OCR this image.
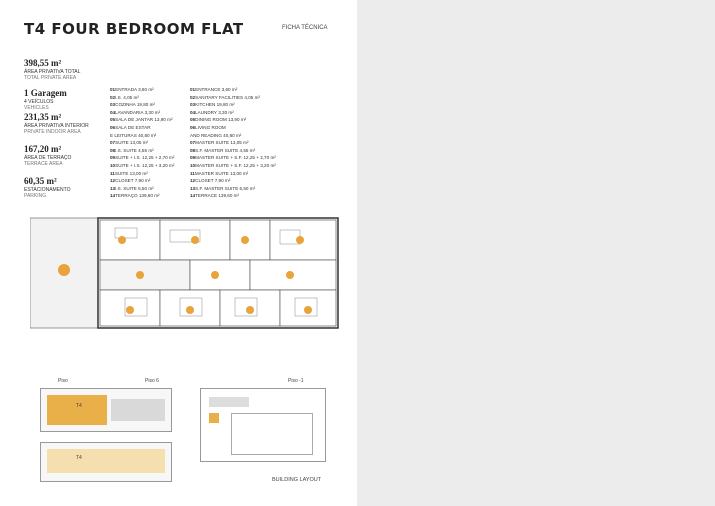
T4 FOUR BEDROOM FLAT	FICHA TÉCNICA
398,55 m²
ÁREA PRIVATIVA TOTAL
TOTAL PRIVATE AREA
1 Garagem
4 VEÍCULOS
VEHICLES
231,35 m²
ÁREA PRIVATIVA INTERIOR
PRIVATE INDOOR AREA
167,20 m²
ÁREA DE TERRAÇO
TERRACE AREA
60,35 m²
ESTACIONAMENTO
PARKING
01ENTRADA 3,60 m²
02I.S. 4,05 m²
03COZINHA 19,80 m²
04LAVANDARIA 3,30 m²
05SALA DE JANTAR 13,90 m²
06SALA DE ESTAR
E LEITURAS 40,80 m²
07SUITE 13,05 m²
08I.S. SUITE 4,55 m²
09SUITE + I.S. 12,25 + 2,70 m²
10SUITE + I.S. 12,25 + 3,20 m²
11SUITE 13,00 m²
12CLOSET 7,90 m²
13I.S. SUITE 6,50 m²
14TERRAÇO 139,60 m²
01ENTRANCE 3,60 m²
02SANITARY FACILITIES 4,05 m²
03KITCHEN 19,80 m²
04LAUNDRY 3,30 m²
05DINING ROOM 13,90 m²
06LIVING ROOM
AND READING 40,80 m²
07MASTER SUITE 13,05 m²
08S.F. MASTER SUITE 4,55 m²
09MASTER SUITE + S.F. 12,25 + 2,70 m²
10MASTER SUITE + S.F. 12,25 + 3,20 m²
11MASTER SUITE 13,00 m²
12CLOSET 7,90 m²
13S.F. MASTER SUITE 6,50 m²
14TERRACE 139,60 m²
Piso	Piso 6	Piso -1
T4
T4
BUILDING LAYOUT
